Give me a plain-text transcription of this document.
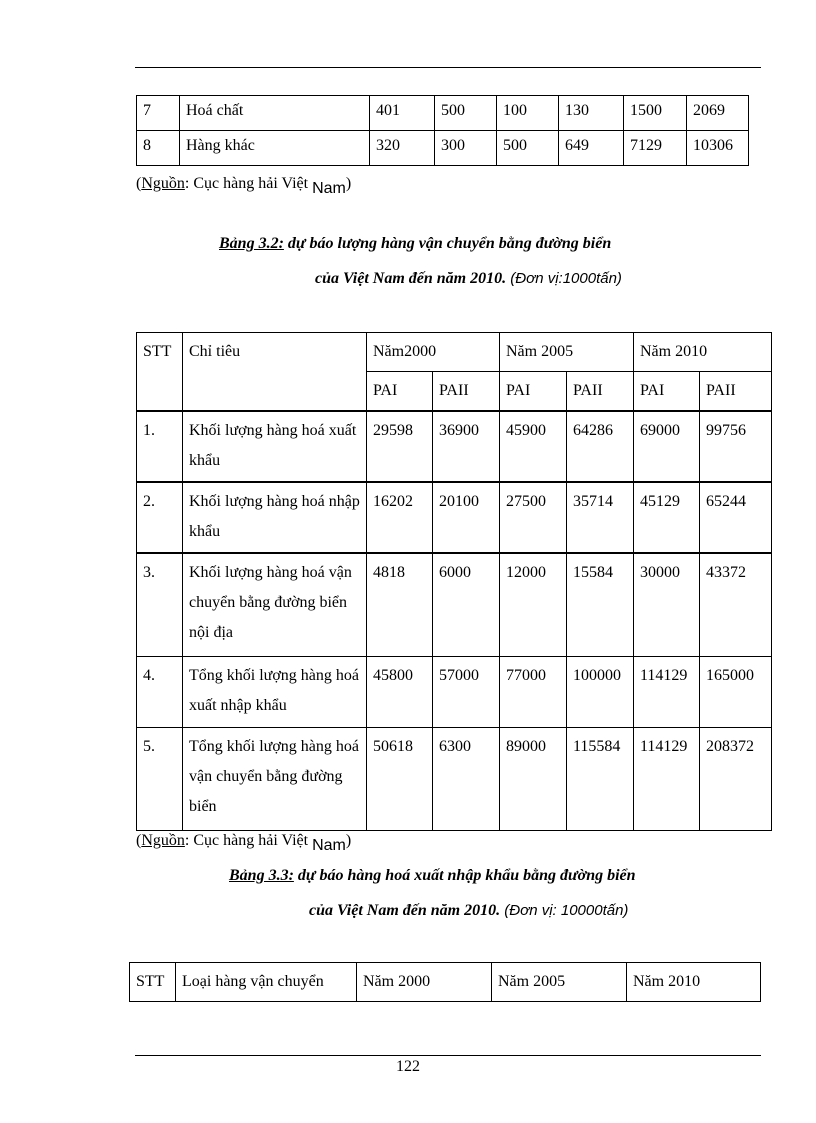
7	Hoá chất	401	500	100	130	1500	2069
8	Hàng khác	320	300	500	649	7129	10306
(Nguồn: Cục hàng hải Việt Nam)
Bảng 3.2: dự báo lượng hàng vận chuyển bằng đường biển
của Việt Nam đến năm 2010. (Đơn vị:1000tấn)
STT	Chỉ tiêu	Năm2000		Năm 2005		Năm 2010	
		PAI	PAII	PAI	PAII	PAI	PAII
1.	Khối lượng hàng hoá xuất khẩu	29598	36900	45900	64286	69000	99756
2.	Khối lượng hàng hoá nhập khẩu	16202	20100	27500	35714	45129	65244
3.	Khối lượng hàng hoá vận chuyển bằng đường biển nội địa	4818	6000	12000	15584	30000	43372
4.	Tổng khối lượng hàng hoá xuất nhập khẩu	45800	57000	77000	100000	114129	165000
5.	Tổng khối lượng hàng hoá vận chuyển bằng đường biển	50618	6300	89000	115584	114129	208372
(Nguồn: Cục hàng hải Việt Nam)
Bảng 3.3: dự báo hàng hoá xuất nhập khẩu bằng đường biển
của Việt Nam đến năm 2010. (Đơn vị: 10000tấn)
STT	Loại hàng vận chuyển	Năm 2000	Năm 2005	Năm 2010
122
